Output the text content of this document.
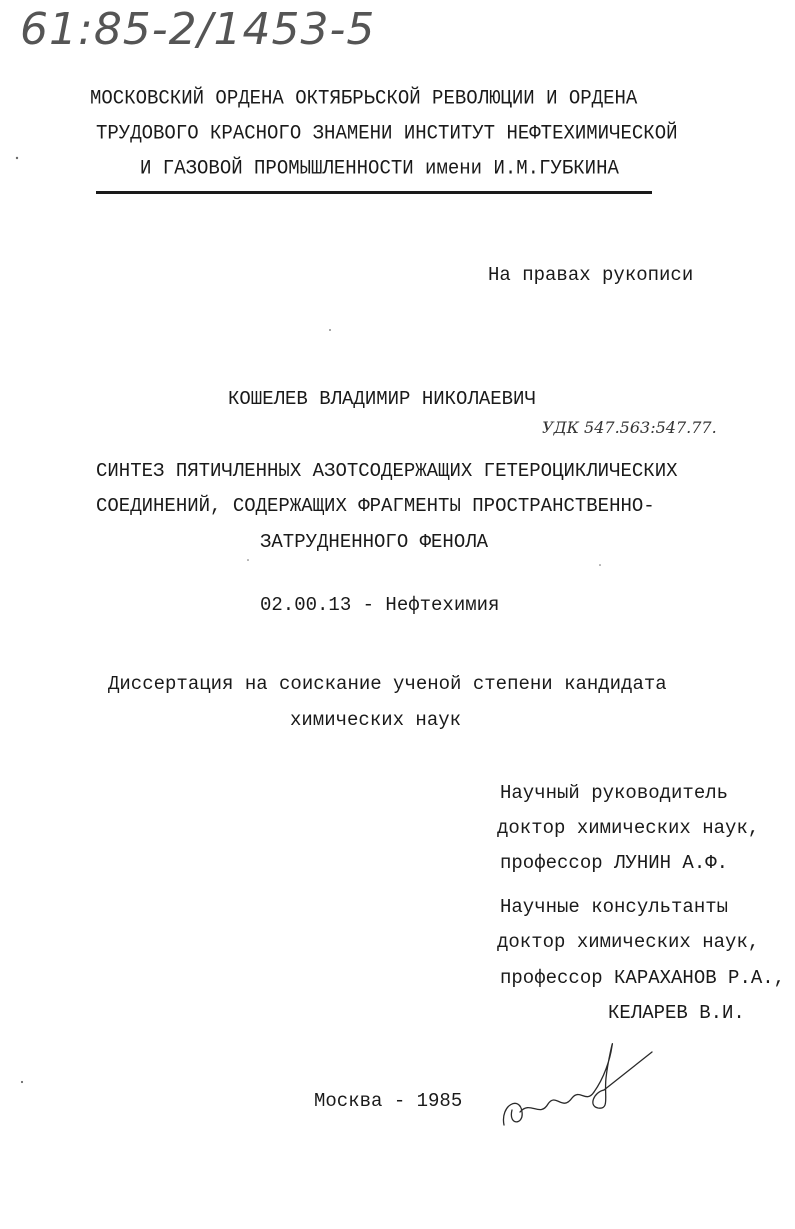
61:85-2/1453-5
МОСКОВСКИЙ ОРДЕНА ОКТЯБРЬСКОЙ РЕВОЛЮЦИИ И ОРДЕНА
ТРУДОВОГО КРАСНОГО ЗНАМЕНИ ИНСТИТУТ НЕФТЕХИМИЧЕСКОЙ
И ГАЗОВОЙ ПРОМЫШЛЕННОСТИ имени И.М.ГУБКИНА
На правах рукописи
КОШЕЛЕВ ВЛАДИМИР НИКОЛАЕВИЧ
УДК 547.563:547.77.
СИНТЕЗ ПЯТИЧЛЕННЫХ АЗОТСОДЕРЖАЩИХ ГЕТЕРОЦИКЛИЧЕСКИХ
СОЕДИНЕНИЙ, СОДЕРЖАЩИХ ФРАГМЕНТЫ ПРОСТРАНСТВЕННО-
ЗАТРУДНЕННОГО ФЕНОЛА
02.00.13 - Нефтехимия
Диссертация на соискание ученой степени кандидата
химических наук
Научный руководитель
доктор химических наук,
профессор ЛУНИН А.Ф.
Научные консультанты
доктор химических наук,
профессор КАРАХАНОВ Р.А.,
КЕЛАРЕВ В.И.
Москва - 1985
